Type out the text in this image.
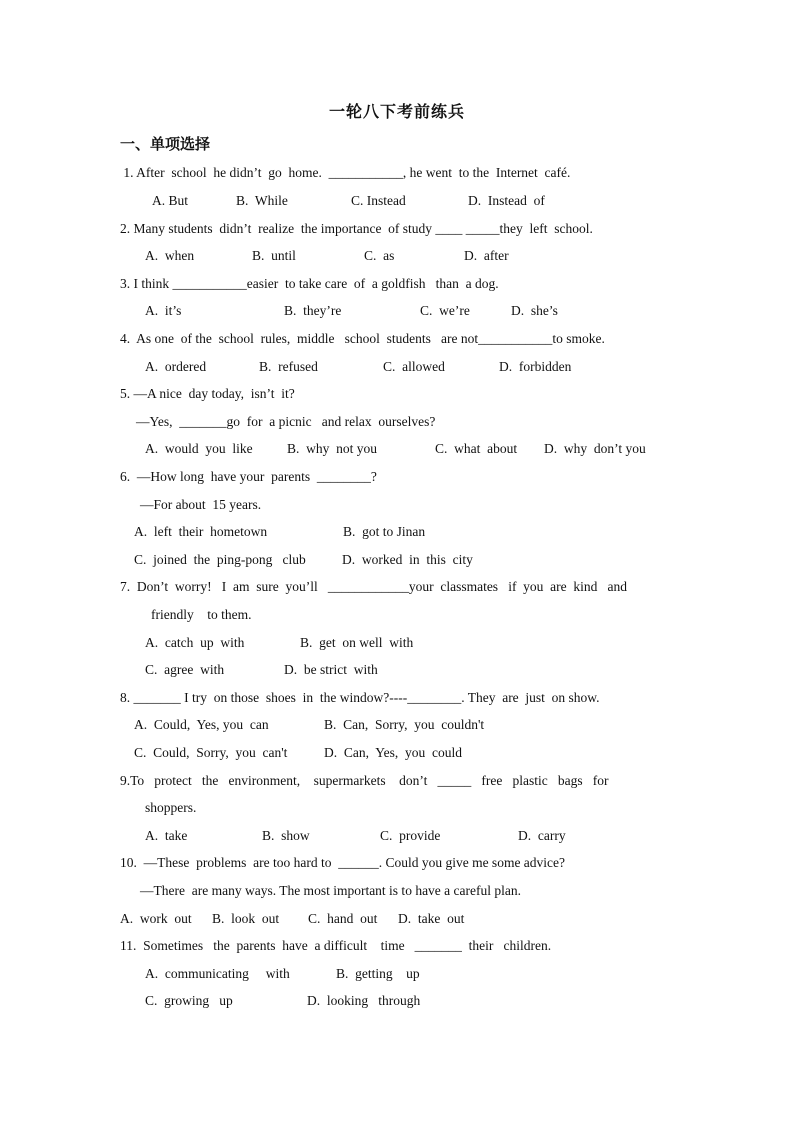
一轮八下考前练兵
一、单项选择
1. After  school  he didn’t  go  home.  ___________, he went  to the  Internet  café.
A. But	B.  While	C. Instead	D.  Instead  of
2. Many students  didn’t  realize  the importance  of study ____ _____they  left  school.
A.  when	B.  until	C.  as	D.  after
3. I think ___________easier  to take care  of  a goldfish   than  a dog.
A.  it’s	B.  they’re	C.  we’re	D.  she’s
4.  As one  of the  school  rules,  middle   school  students   are not___________to smoke.
A.  ordered	B.  refused	C.  allowed	D.  forbidden
5. —A nice  day today,  isn’t  it?
—Yes,  _______go  for  a picnic   and relax  ourselves?
A.  would  you  like	B.  why  not you	C.  what  about D.  why  don’t you
6.  —How long  have your  parents  ________?
—For about  15 years.
A.  left  their  hometown	B.  got to Jinan
C.  joined  the  ping-pong   club	D.  worked  in  this  city
7.  Don’t  worry!   I  am  sure  you’ll   ____________your  classmates   if  you  are  kind   and
friendly    to them.
A.  catch  up  with	B.  get  on well  with
C.  agree  with	D.  be strict  with
8. _______ I try  on those  shoes  in  the window?----________. They  are  just  on show.
A.  Could,  Yes, you  can	B.  Can,  Sorry,  you  couldn't
C.  Could,  Sorry,  you  can't	D.  Can,  Yes,  you  could
9.To   protect   the   environment,    supermarkets    don’t   _____   free   plastic   bags   for
shoppers.
A.  take	B.  show	C.  provide	D.  carry
10.  —These  problems  are too hard to  ______. Could you give me some advice?
—There  are many ways. The most important is to have a careful plan.
A.  work  out B.  look  out C.  hand  out D.  take  out
11.  Sometimes   the  parents  have  a difficult    time   _______  their   children.
A.  communicating     with	B.  getting    up
C.  growing   up	D.  looking   through
